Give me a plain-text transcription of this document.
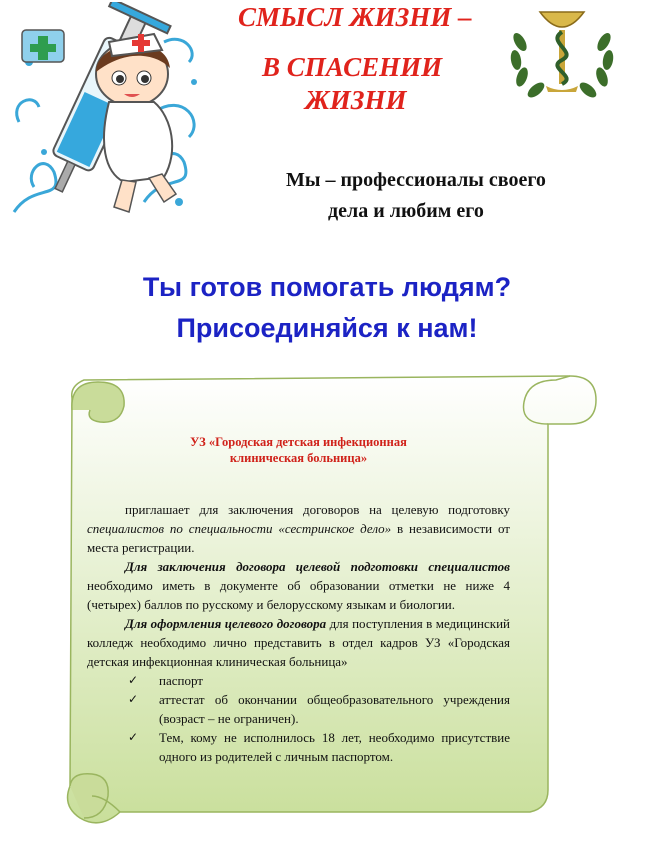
СМЫСЛ ЖИЗНИ –
В СПАСЕНИИ
ЖИЗНИ
Мы – профессионалы своего
дела и любим его
Ты готов помогать людям?
Присоединяйся к нам!
УЗ «Городская детская инфекционная
клиническая больница»

приглашает для заключения договоров на целевую подготовку специалистов по специальности «сестринское дело» в независимости от места регистрации.

Для заключения договора целевой подготовки специалистов необходимо иметь в документе об образовании отметки не ниже 4 (четырех) баллов по русскому и белорусскому языкам и биологии.

Для оформления целевого договора для поступления в медицинский колледж необходимо лично представить в отдел кадров УЗ «Городская детская инфекционная клиническая больница»

✓ паспорт
✓ аттестат об окончании общеобразовательного учреждения (возраст – не ограничен).
✓ Тем, кому не исполнилось 18 лет, необходимо присутствие одного из родителей с личным паспортом.
